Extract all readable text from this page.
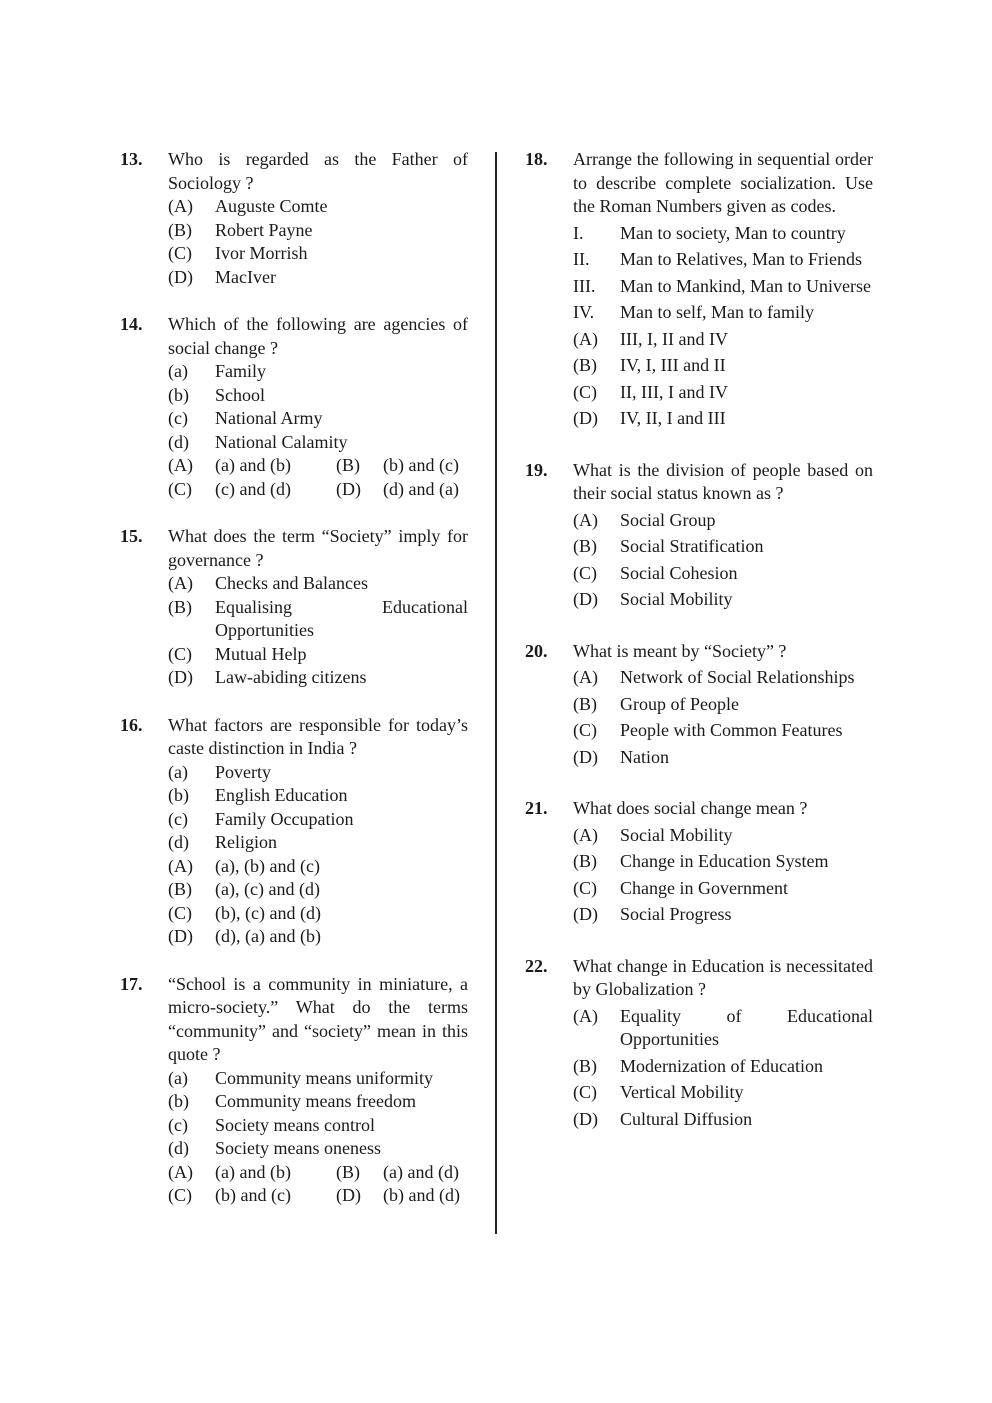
13. Who is regarded as the Father of Sociology ?
(A)	Auguste Comte
(B)	Robert Payne
(C)	Ivor Morrish
(D)	MacIver
14. Which of the following are agencies of social change ?
(a)	Family
(b)	School
(c)	National Army
(d)	National Calamity
(A)	(a) and (b)	(B)	(b) and (c)
(C)	(c) and (d)	(D)	(d) and (a)
15. What does the term “Society” imply for governance ?
(A)	Checks and Balances
(B)	Equalising Educational Opportunities
(C)	Mutual Help
(D)	Law-abiding citizens
16. What factors are responsible for today’s caste distinction in India ?
(a)	Poverty
(b)	English Education
(c)	Family Occupation
(d)	Religion
(A)	(a), (b) and (c)
(B)	(a), (c) and (d)
(C)	(b), (c) and (d)
(D)	(d), (a) and (b)
17. “School is a community in miniature, a micro-society.” What do the terms “community” and “society” mean in this quote ?
(a)	Community means uniformity
(b)	Community means freedom
(c)	Society means control
(d)	Society means oneness
(A)	(a) and (b)	(B)	(a) and (d)
(C)	(b) and (c)	(D)	(b) and (d)
18. Arrange the following in sequential order to describe complete socialization. Use the Roman Numbers given as codes.
I.	Man to society, Man to country
II.	Man to Relatives, Man to Friends
III.	Man to Mankind, Man to Universe
IV.	Man to self, Man to family
(A)	III, I, II and IV
(B)	IV, I, III and II
(C)	II, III, I and IV
(D)	IV, II, I and III
19. What is the division of people based on their social status known as ?
(A)	Social Group
(B)	Social Stratification
(C)	Social Cohesion
(D)	Social Mobility
20. What is meant by “Society” ?
(A)	Network of Social Relationships
(B)	Group of People
(C)	People with Common Features
(D)	Nation
21. What does social change mean ?
(A)	Social Mobility
(B)	Change in Education System
(C)	Change in Government
(D)	Social Progress
22. What change in Education is necessitated by Globalization ?
(A)	Equality of Educational Opportunities
(B)	Modernization of Education
(C)	Vertical Mobility
(D)	Cultural Diffusion
